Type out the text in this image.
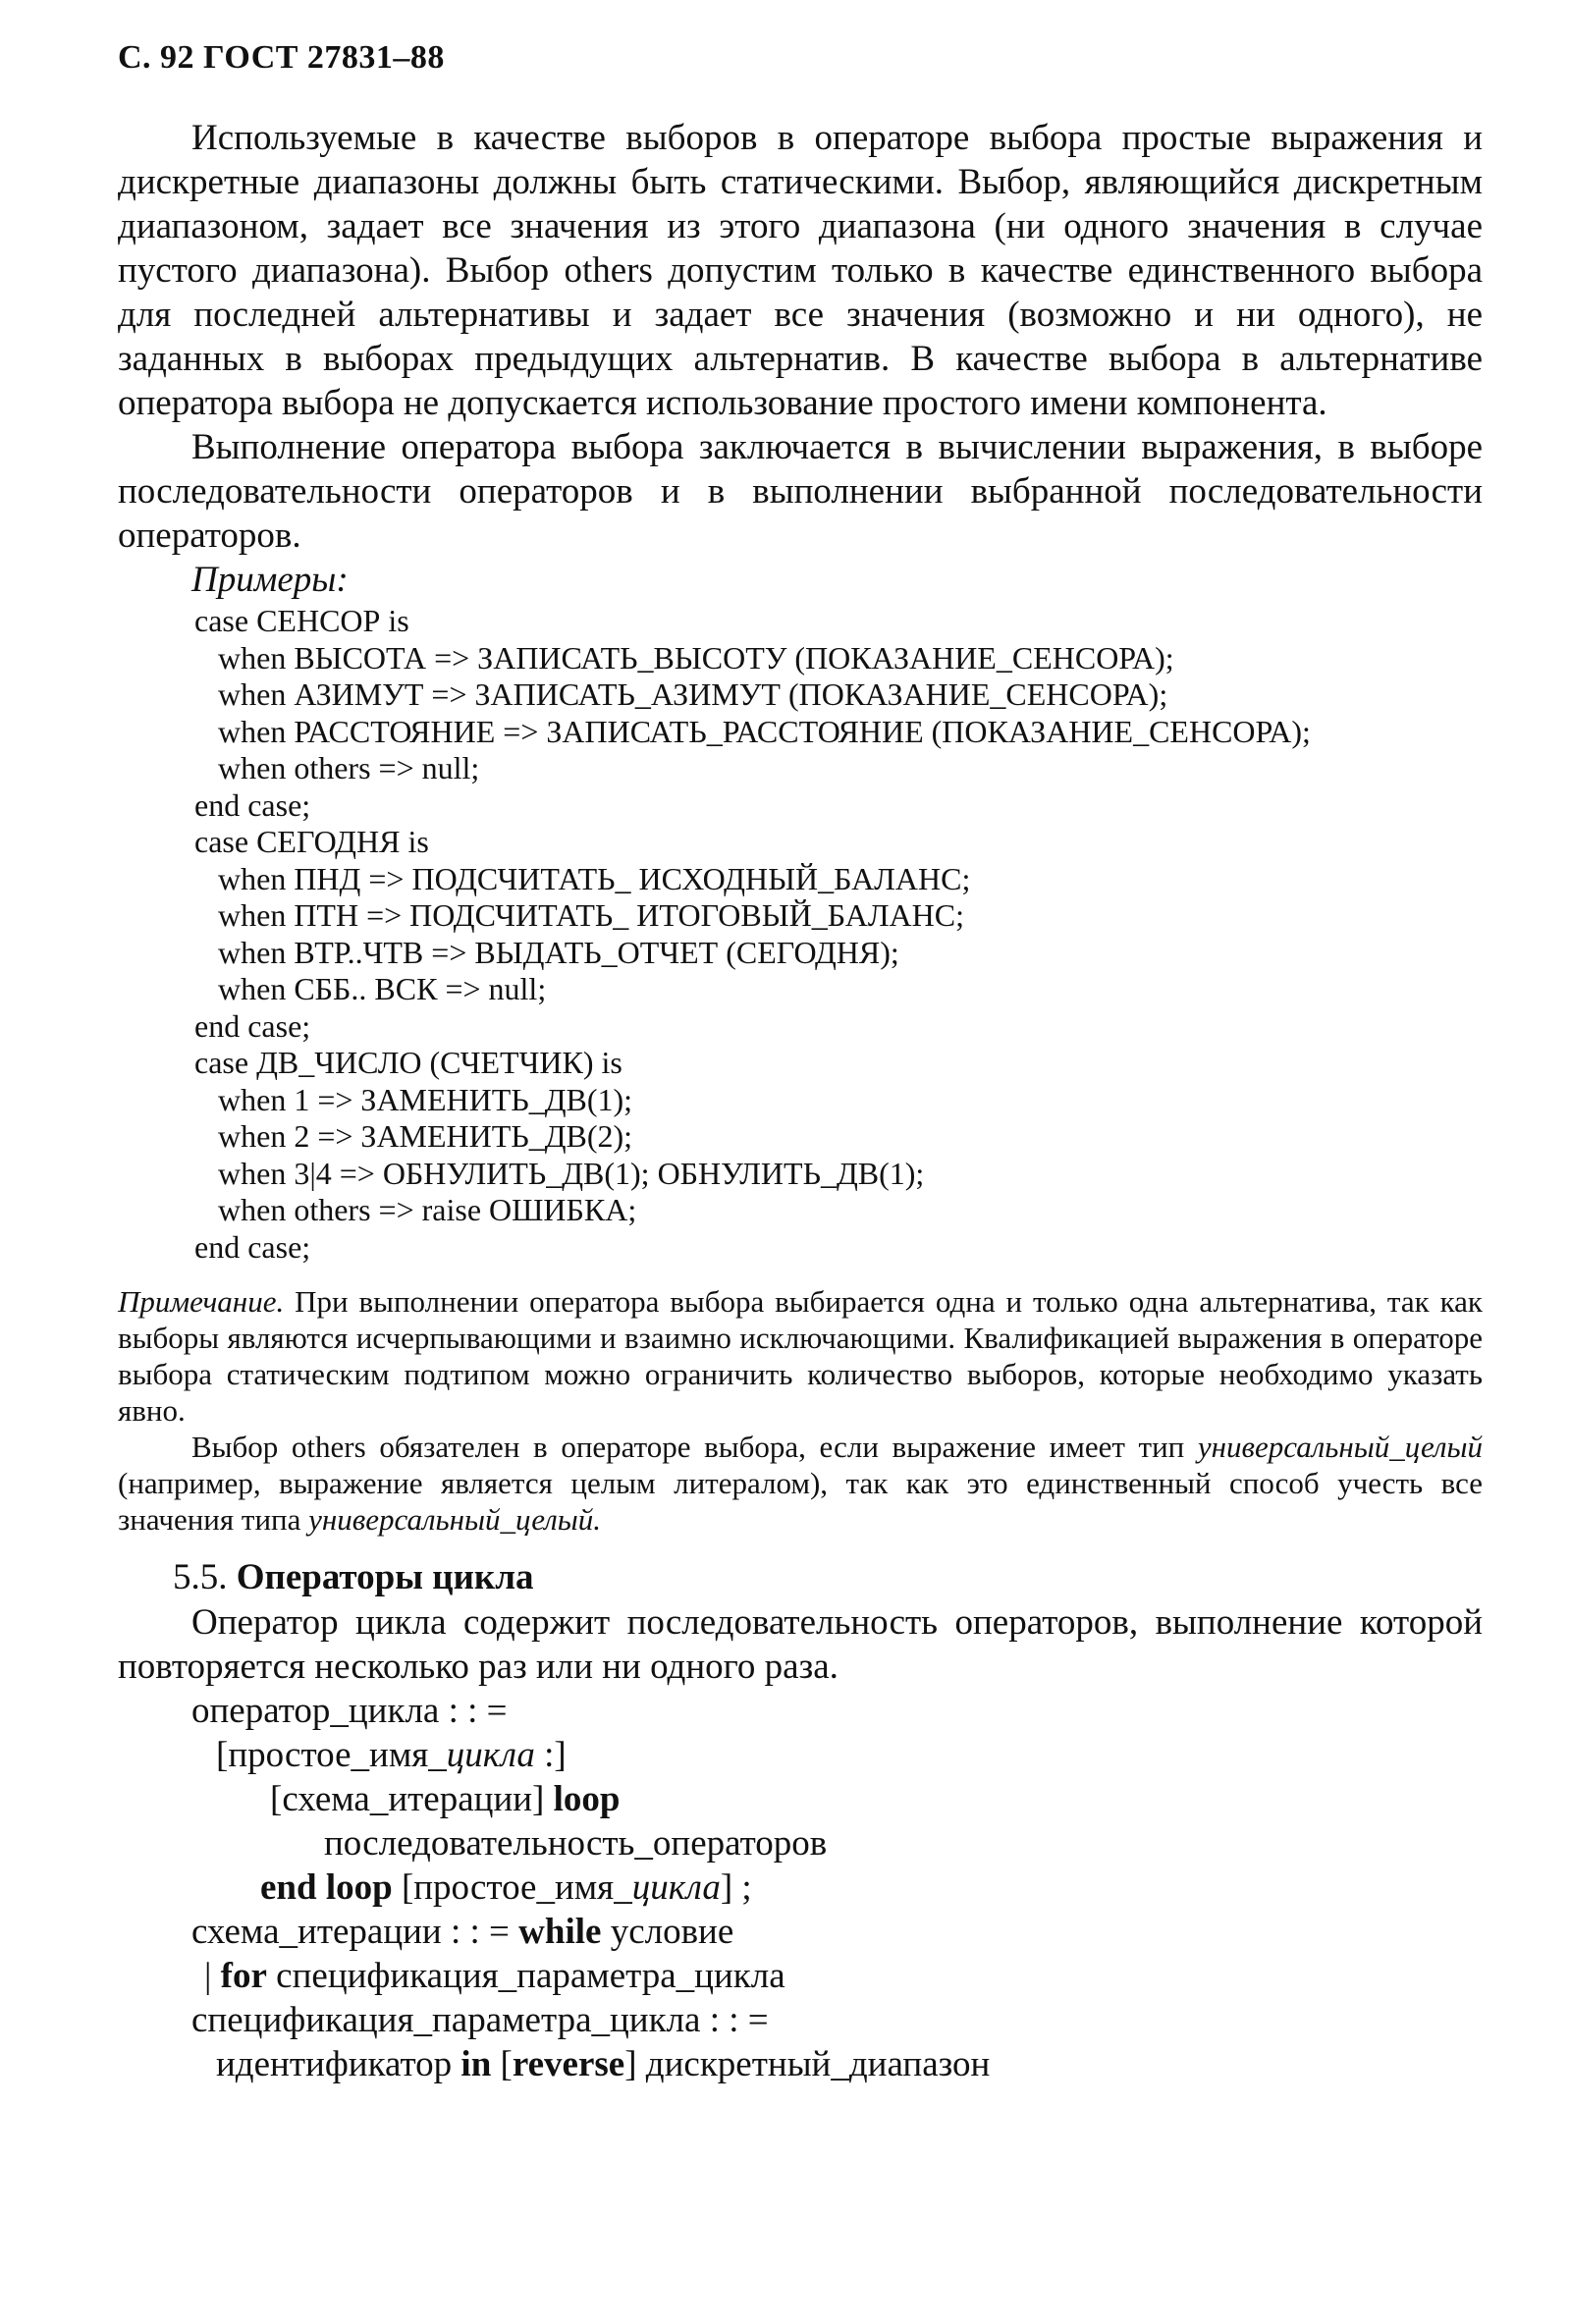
С. 92 ГОСТ 27831–88

Используемые в качестве выборов в операторе выбора простые выражения и дискретные диапазоны должны быть статическими. Выбор, являющийся дискретным диапазоном, задает все значения из этого диапазона (ни одного значения в случае пустого диапазона). Выбор others допустим только в качестве единственного выбора для последней альтернативы и задает все значения (возможно и ни одного), не заданных в выборах предыдущих альтернатив. В качестве выбора в альтернативе оператора выбора не допускается использование простого имени компонента.

Выполнение оператора выбора заключается в вычислении выражения, в выборе последовательности операторов и в выполнении выбранной последовательности операторов.

Примеры:
case СЕНСОР is
when ВЫСОТА => ЗАПИСАТЬ_ВЫСОТУ (ПОКАЗАНИЕ_СЕНСОРА);
when АЗИМУТ => ЗАПИСАТЬ_АЗИМУТ (ПОКАЗАНИЕ_СЕНСОРА);
when РАССТОЯНИЕ => ЗАПИСАТЬ_РАССТОЯНИЕ (ПОКАЗАНИЕ_СЕНСОРА);
when others => null;
end case;
case СЕГОДНЯ is
when ПНД => ПОДСЧИТАТЬ_ ИСХОДНЫЙ_БАЛАНС;
when ПТН => ПОДСЧИТАТЬ_ ИТОГОВЫЙ_БАЛАНС;
when ВТР..ЧТВ => ВЫДАТЬ_ОТЧЕТ (СЕГОДНЯ);
when СББ.. ВСК => null;
end case;
case ДВ_ЧИСЛО (СЧЕТЧИК) is
when 1 => ЗАМЕНИТЬ_ДВ(1);
when 2 => ЗАМЕНИТЬ_ДВ(2);
when 3|4 => ОБНУЛИТЬ_ДВ(1); ОБНУЛИТЬ_ДВ(1);
when others => raise ОШИБКА;
end case;

Примечание. При выполнении оператора выбора выбирается одна и только одна альтернатива, так как выборы являются исчерпывающими и взаимно исключающими. Квалификацией выражения в операторе выбора статическим подтипом можно ограничить количество выборов, которые необходимо указать явно.

Выбор others обязателен в операторе выбора, если выражение имеет тип универсальный_целый (например, выражение является целым литералом), так как это единственный способ учесть все значения типа универсальный_целый.

5.5. Операторы цикла

Оператор цикла содержит последовательность операторов, выполнение которой повторяется несколько раз или ни одного раза.

оператор_цикла : : =
[простое_имя_цикла :]
[схема_итерации] loop
последовательность_операторов
end loop [простое_имя_цикла] ;
схема_итерации : : = while условие
| for спецификация_параметра_цикла
спецификация_параметра_цикла : : =
идентификатор in [reverse] дискретный_диапазон
